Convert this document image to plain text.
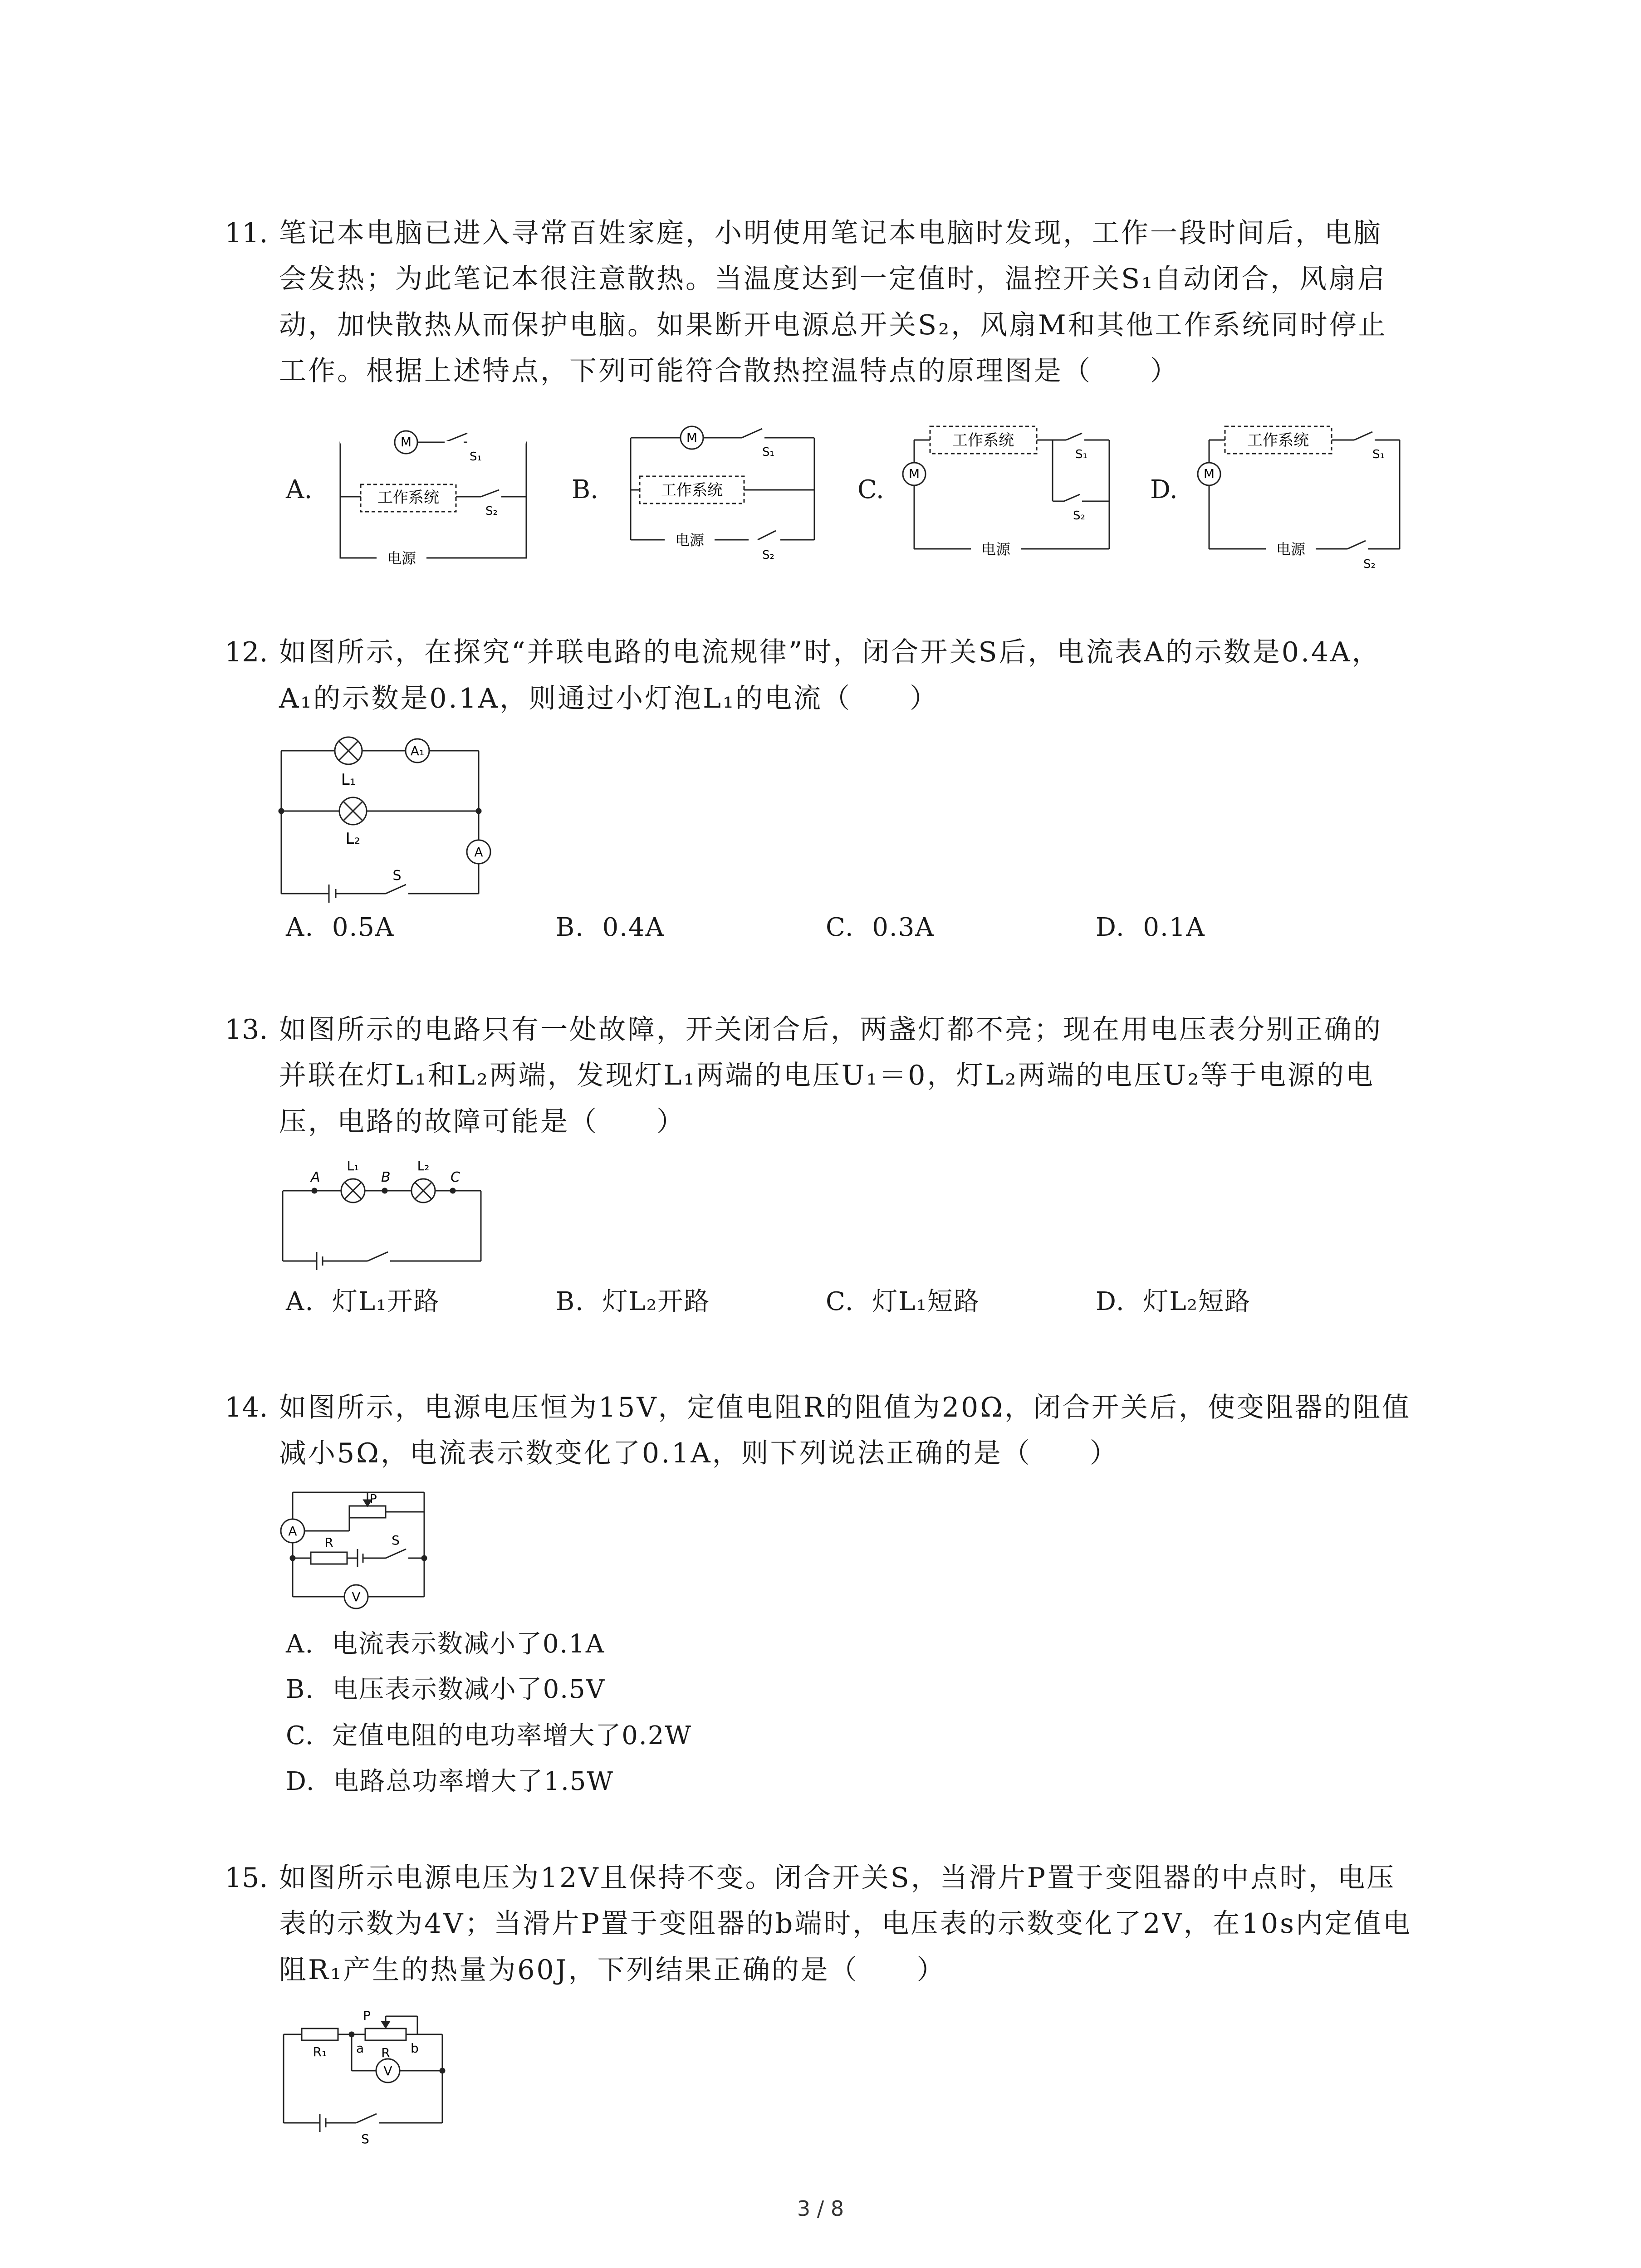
11. 笔记本电脑已进入寻常百姓家庭，小明使用笔记本电脑时发现，工作一段时间后，电脑
会发热；为此笔记本很注意散热。当温度达到一定值时，温控开关S₁自动闭合，风扇启
动，加快散热从而保护电脑。如果断开电源总开关S₂，风扇M和其他工作系统同时停止
工作。根据上述特点，下列可能符合散热控温特点的原理图是（　　）
A.	B.	C.	D.
M
S₁
工作系统
S₂
电源
M
S₁
工作系统
电源
S₂
工作系统
M
S₁
S₂
电源
工作系统
M
S₁
电源
S₂
12. 如图所示，在探究“并联电路的电流规律”时，闭合开关S后，电流表A的示数是0.4A，
A₁的示数是0.1A，则通过小灯泡L₁的电流（　　）
A₁
L₁
L₂
A
S
A. 0.5A	B. 0.4A	C. 0.3A	D. 0.1A
13. 如图所示的电路只有一处故障，开关闭合后，两盏灯都不亮；现在用电压表分别正确的
并联在灯L₁和L₂两端，发现灯L₁两端的电压U₁＝0，灯L₂两端的电压U₂等于电源的电
压，电路的故障可能是（　　）
A
L₁
B
L₂
C
A. 灯L₁开路	B. 灯L₂开路	C. 灯L₁短路	D. 灯L₂短路
14. 如图所示，电源电压恒为15V，定值电阻R的阻值为20Ω，闭合开关后，使变阻器的阻值
减小5Ω，电流表示数变化了0.1A，则下列说法正确的是（　　）
P
A
R	S
V
A. 电流表示数减小了0.1A
B. 电压表示数减小了0.5V
C. 定值电阻的电功率增大了0.2W
D. 电路总功率增大了1.5W
15. 如图所示电源电压为12V且保持不变。闭合开关S，当滑片P置于变阻器的中点时，电压
表的示数为4V；当滑片P置于变阻器的b端时，电压表的示数变化了2V，在10s内定值电
阻R₁产生的热量为60J，下列结果正确的是（　　）
R₁
P
a R b
V
S
3 / 8
